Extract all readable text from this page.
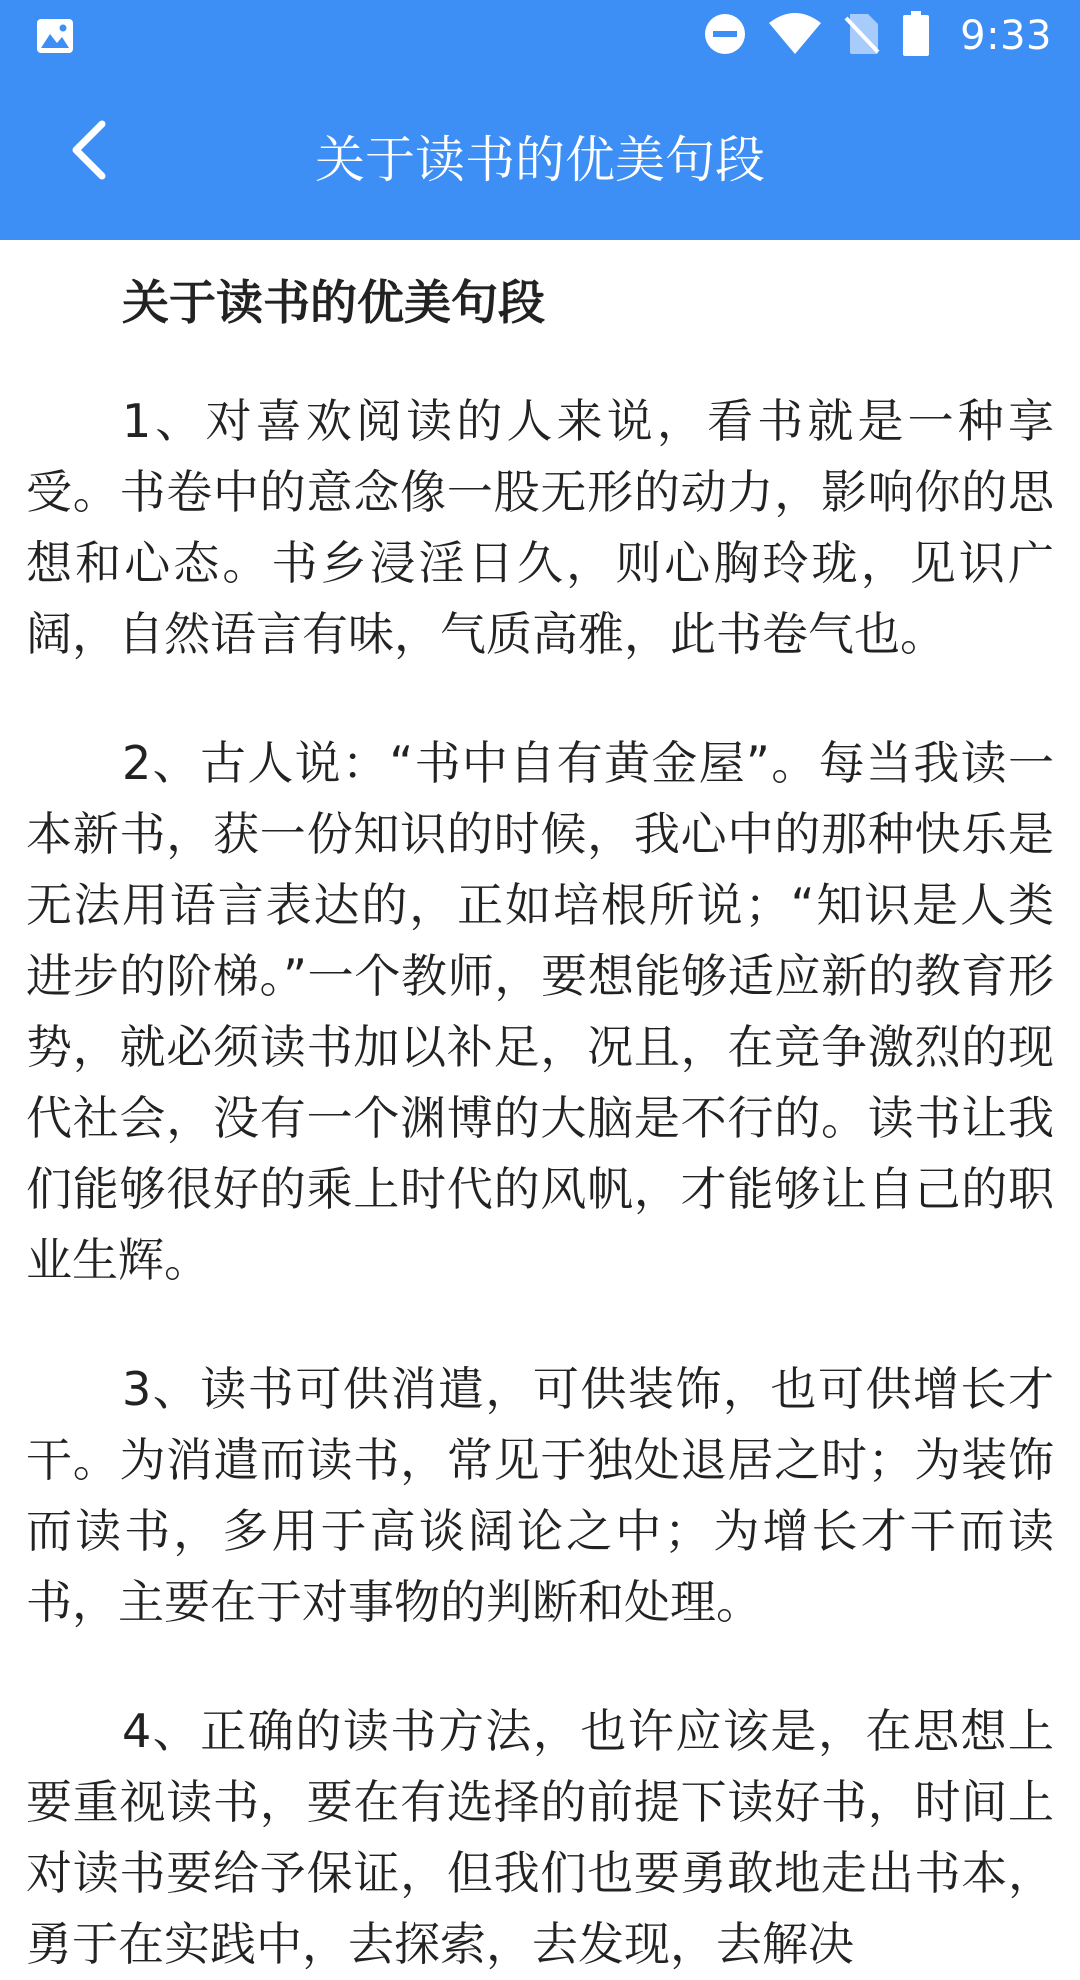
9:33
关于读书的优美句段

关于读书的优美句段

1、对喜欢阅读的人来说，看书就是一种享受。书卷中的意念像一股无形的动力，影响你的思想和心态。书乡浸淫日久，则心胸玲珑，见识广阔，自然语言有味，气质高雅，此书卷气也。

2、古人说：“书中自有黄金屋”。每当我读一本新书，获一份知识的时候，我心中的那种快乐是无法用语言表达的，正如培根所说；“知识是人类进步的阶梯。”一个教师，要想能够适应新的教育形势，就必须读书加以补足，况且，在竞争激烈的现代社会，没有一个渊博的大脑是不行的。读书让我们能够很好的乘上时代的风帆，才能够让自己的职业生辉。

3、读书可供消遣，可供装饰，也可供增长才干。为消遣而读书，常见于独处退居之时；为装饰而读书，多用于高谈阔论之中；为增长才干而读书，主要在于对事物的判断和处理。

4、正确的读书方法，也许应该是，在思想上要重视读书，要在有选择的前提下读好书，时间上对读书要给予保证，但我们也要勇敢地走出书本，勇于在实践中，去探索，去发现，去解决
